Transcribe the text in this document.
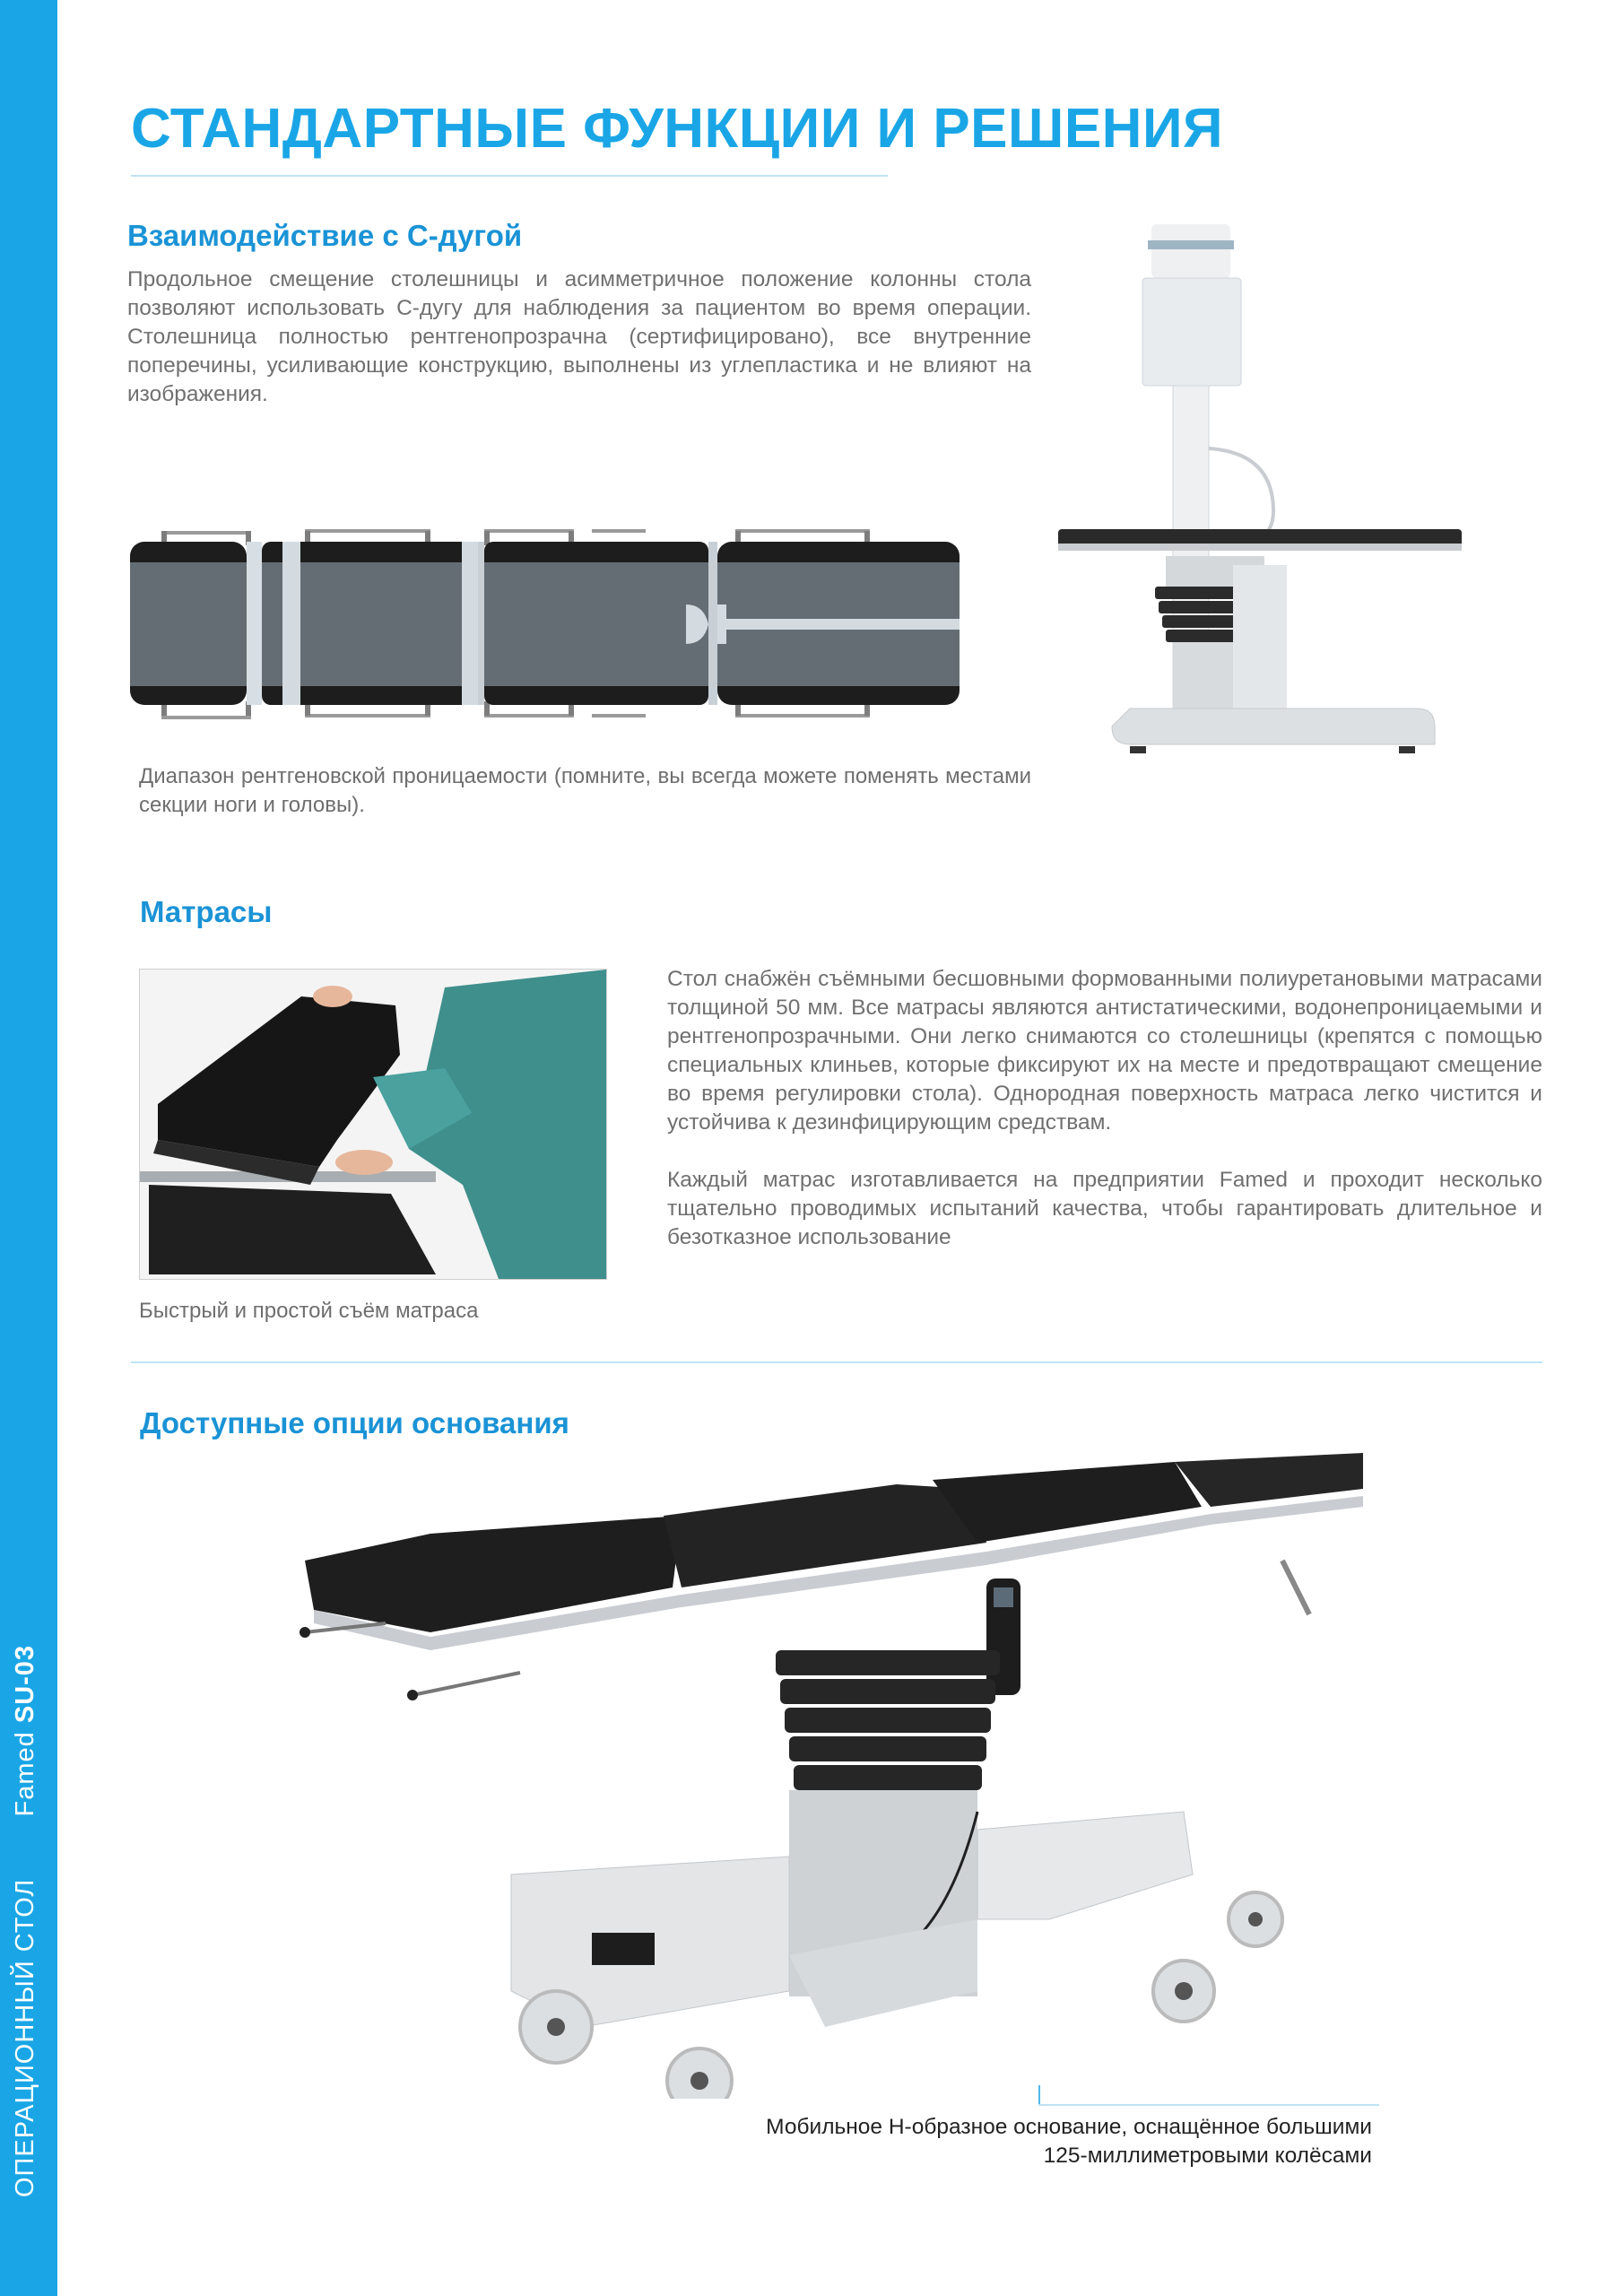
ОПЕРАЦИОННЫЙ СТОЛ Famed SU-03
СТАНДАРТНЫЕ ФУНКЦИИ И РЕШЕНИЯ
Взаимодействие с С-дугой

Продольное смещение столешницы и асимметричное положение колонны стола позволяют использовать С-дугу для наблюдения за пациентом во время операции. Столешница полностью рентгенопрозрачна (сертифицировано), все внутренние поперечины, усиливающие конструкцию, выполнены из углепластика и не влияют на изображения.

Диапазон рентгеновской проницаемости (помните, вы всегда можете поменять местами секции ноги и головы).

Матрасы

Быстрый и простой съём матраса

Стол снабжён съёмными бесшовными формованными полиуретановыми матрасами толщиной 50 мм. Все матрасы являются антистатическими, водонепроницаемыми и рентгенопрозрачными. Они легко снимаются со столешницы (крепятся с помощью специальных клиньев, которые фиксируют их на месте и предотвращают смещение во время регулировки стола). Однородная поверхность матраса легко чистится и устойчива к дезинфицирующим средствам.

Каждый матрас изготавливается на предприятии Famed и проходит несколько тщательно проводимых испытаний качества, чтобы гарантировать длительное и безотказное использование

Доступные опции основания

Мобильное Н-образное основание, оснащённое большими 125-миллиметровыми колёсами
